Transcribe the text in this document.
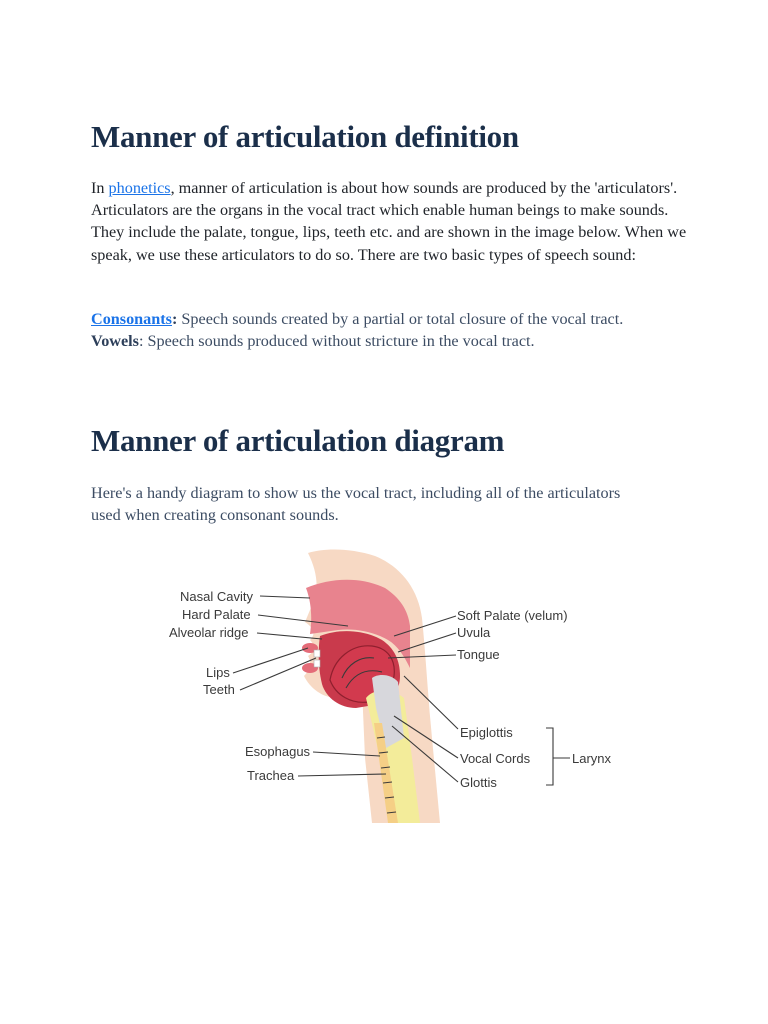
Manner of articulation definition

In phonetics, manner of articulation is about how sounds are produced by the 'articulators'. Articulators are the organs in the vocal tract which enable human beings to make sounds. They include the palate, tongue, lips, teeth etc. and are shown in the image below. When we speak, we use these articulators to do so. There are two basic types of speech sound:

Consonants: Speech sounds created by a partial or total closure of the vocal tract.
Vowels: Speech sounds produced without stricture in the vocal tract.

Manner of articulation diagram

Here's a handy diagram to show us the vocal tract, including all of the articulators used when creating consonant sounds.

Nasal Cavity
Hard Palate
Alveolar ridge
Lips
Teeth
Esophagus
Trachea
Soft Palate (velum)
Uvula
Tongue
Epiglottis
Vocal Cords
Glottis
Larynx
